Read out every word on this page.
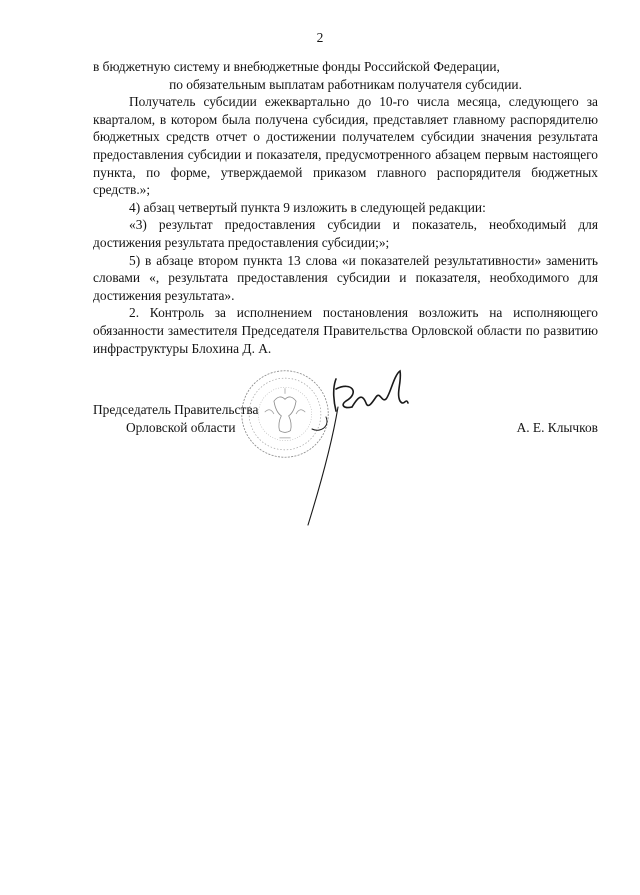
2

в бюджетную систему и внебюджетные фонды Российской Федерации,

по обязательным выплатам работникам получателя субсидии.

Получатель субсидии ежеквартально до 10-го числа месяца, следующего за кварталом, в котором была получена субсидия, представляет главному распорядителю бюджетных средств отчет о достижении получателем субсидии значения результата предоставления субсидии и показателя, предусмотренного абзацем первым настоящего пункта, по форме, утверждаемой приказом главного распорядителя бюджетных средств.»;

4) абзац четвертый пункта 9 изложить в следующей редакции:

«3) результат предоставления субсидии и показатель, необходимый для достижения результата предоставления субсидии;»;

5) в абзаце втором пункта 13 слова «и показателей результативности» заменить словами «, результата предоставления субсидии и показателя, необходимого для достижения результата».

2. Контроль за исполнением постановления возложить на исполняющего обязанности заместителя Председателя Правительства Орловской области по развитию инфраструктуры Блохина Д. А.

Председатель Правительства
Орловской области	А. Е. Клычков
